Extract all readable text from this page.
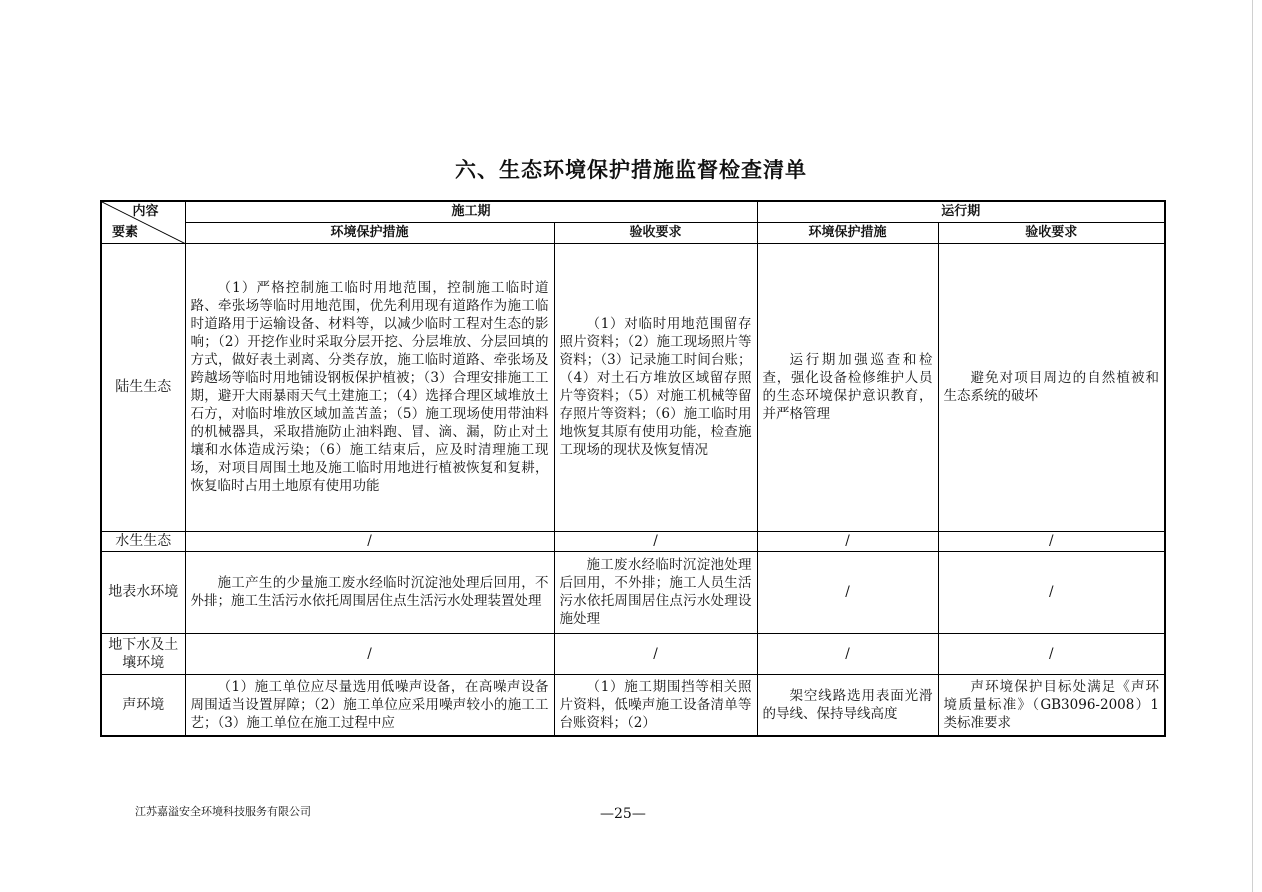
六、生态环境保护措施监督检查清单
内容
要素	施工期		运行期	
	环境保护措施	验收要求	环境保护措施	验收要求
陆生生态	（1）严格控制施工临时用地范围，控制施工临时道路、牵张场等临时用地范围，优先利用现有道路作为施工临时道路用于运输设备、材料等，以减少临时工程对生态的影响；（2）开挖作业时采取分层开挖、分层堆放、分层回填的方式，做好表土剥离、分类存放，施工临时道路、牵张场及跨越场等临时用地铺设钢板保护植被；（3）合理安排施工工期，避开大雨暴雨天气土建施工；（4）选择合理区域堆放土石方，对临时堆放区域加盖苫盖；（5）施工现场使用带油料的机械器具，采取措施防止油料跑、冒、滴、漏，防止对土壤和水体造成污染；（6）施工结束后，应及时清理施工现场，对项目周围土地及施工临时用地进行植被恢复和复耕，恢复临时占用土地原有使用功能	（1）对临时用地范围留存照片资料；（2）施工现场照片等资料；（3）记录施工时间台账；（4）对土石方堆放区域留存照片等资料；（5）对施工机械等留存照片等资料；（6）施工临时用地恢复其原有使用功能，检查施工现场的现状及恢复情况	运行期加强巡查和检查，强化设备检修维护人员的生态环境保护意识教育，并严格管理	避免对项目周边的自然植被和生态系统的破坏
水生生态	/	/	/	/
地表水环境	施工产生的少量施工废水经临时沉淀池处理后回用，不外排；施工生活污水依托周围居住点生活污水处理装置处理	施工废水经临时沉淀池处理后回用，不外排；施工人员生活污水依托周围居住点污水处理设施处理	/	/
地下水及土壤环境	/	/	/	/
声环境	（1）施工单位应尽量选用低噪声设备，在高噪声设备周围适当设置屏障；（2）施工单位应采用噪声较小的施工工艺；（3）施工单位在施工过程中应	（1）施工期围挡等相关照片资料，低噪声施工设备清单等台账资料；（2）	架空线路选用表面光滑的导线、保持导线高度	声环境保护目标处满足《声环境质量标准》（GB3096-2008）1类标准要求
江苏嘉溢安全环境科技服务有限公司	—25—
